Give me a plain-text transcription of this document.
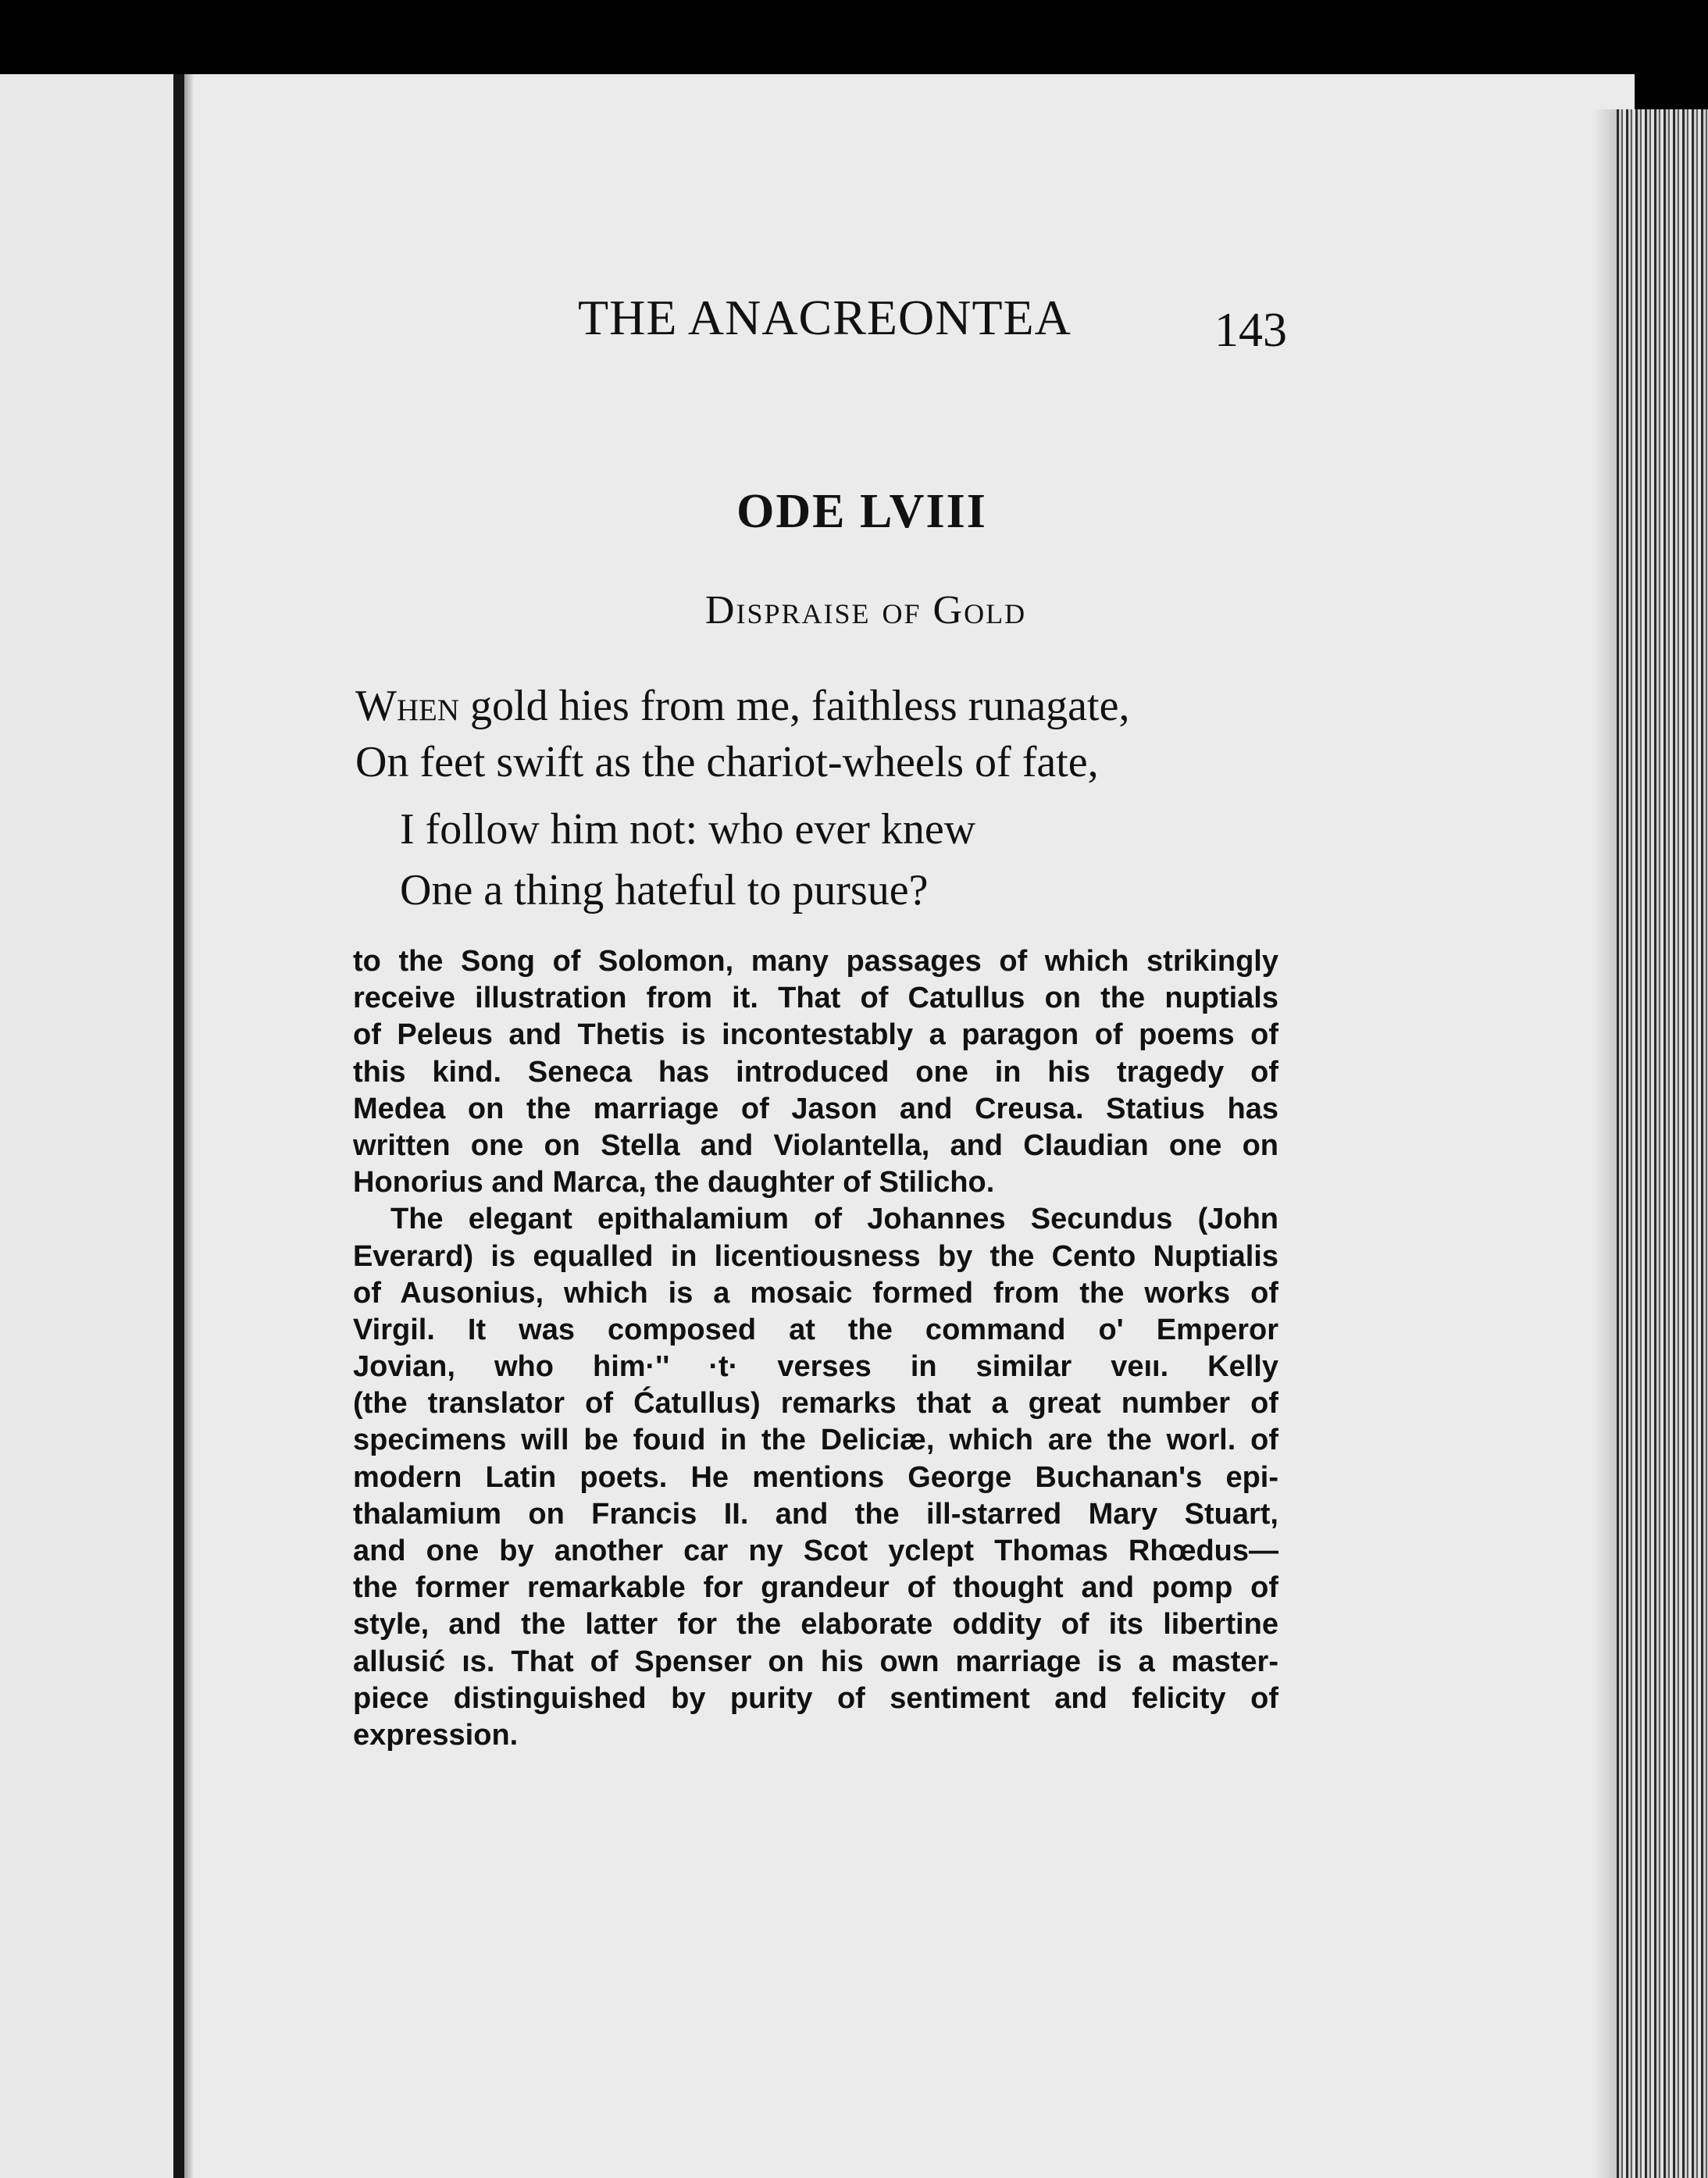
THE ANACREONTEA	143
ODE LVIII
Dispraise of Gold
When gold hies from me, faithless runagate,
On feet swift as the chariot-wheels of fate,
I follow him not: who ever knew
One a thing hateful to pursue?
to the Song of Solomon, many passages of which strikingly
receive illustration from it. That of Catullus on the nuptials
of Peleus and Thetis is incontestably a paragon of poems of
this kind. Seneca has introduced one in his tragedy of
Medea on the marriage of Jason and Creusa. Statius has
written one on Stella and Violantella, and Claudian one on
Honorius and Marca, the daughter of Stilicho.
The elegant epithalamium of Johannes Secundus (John
Everard) is equalled in licentiousness by the Cento Nuptialis
of Ausonius, which is a mosaic formed from the works of
Virgil. It was composed at the command o' Emperor
Jovian, who him·'' ·t· verses in similar veıı. Kelly
(the translator of Ćatullus) remarks that a great number of
specimens will be fouıd in the Deliciæ, which are the worl. of
modern Latin poets. He mentions George Buchanan's epi-
thalamium on Francis II. and the ill-starred Mary Stuart,
and one by another car ny Scot yclept Thomas Rhœdus—
the former remarkable for grandeur of thought and pomp of
style, and the latter for the elaborate oddity of its libertine
allusić ıs. That of Spenser on his own marriage is a master-
piece distinguished by purity of sentiment and felicity of
expression.
